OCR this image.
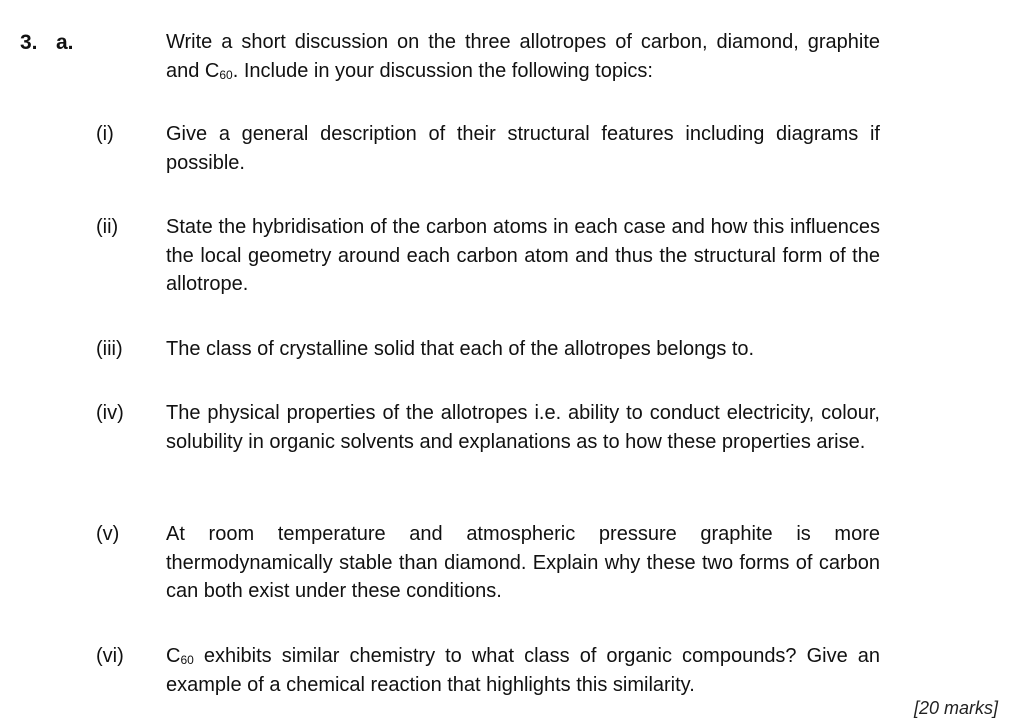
3. a.	Write a short discussion on the three allotropes of carbon, diamond, graphite and $C_{60}$. Include in your discussion the following topics:
(i)	Give a general description of their structural features including diagrams if possible.
(ii) State the hybridisation of the carbon atoms in each case and how this influences the local geometry around each carbon atom and thus the structural form of the allotrope.
(iii) The class of crystalline solid that each of the allotropes belongs to.
(iv) The physical properties of the allotropes i.e. ability to conduct electricity, colour, solubility in organic solvents and explanations as to how these properties arise.
(v) At room temperature and atmospheric pressure graphite is more thermodynamically stable than diamond. Explain why these two forms of carbon can both exist under these conditions.
(vi) $C_{60}$ exhibits similar chemistry to what class of organic compounds? Give an example of a chemical reaction that highlights this similarity.
[20 marks]
